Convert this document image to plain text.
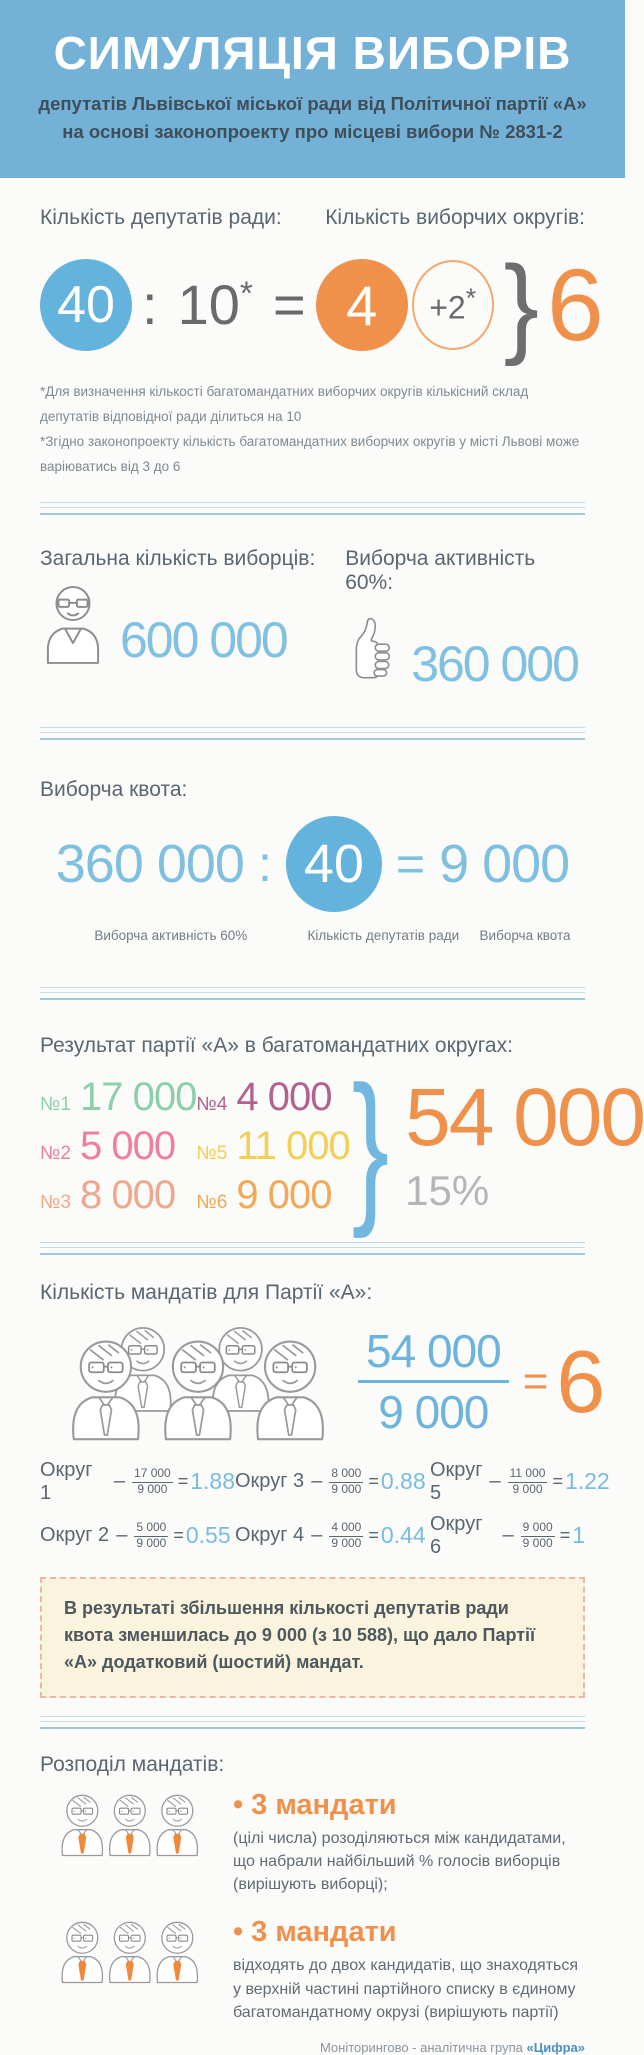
СИМУЛЯЦІЯ ВИБОРІВ
депутатів Львівської міської ради від Політичної партії «А»
на основі законопроекту про місцеві вибори № 2831-2
Кількість депутатів ради: Кількість виборчих округів:
40 : 10* = 4 +2* } 6
*Для визначення кількості багатомандатних виборчих округів кількісний склад депутатів відповідної ради ділиться на 10
*Згідно законопроекту кількість багатомандатних виборчих округів у місті Львові може варіюватись від 3 до 6
Загальна кількість виборців:
600 000
Виборча активність 60%:
360 000
Виборча квота:
360 000 : 40 = 9 000
Виборча активність 60%	Кількість депутатів ради	Виборча квота
Результат партії «А» в багатомандатних округах:
№1 17 000
№2 5 000
№3 8 000
№4 4 000
№5 11 000
№6 9 000 } 54 000
15%
Кількість мандатів для Партії «А»:
$\frac{54 000}{9 000} = 6$
Округ 1
– $\frac{17 000}{9 000} = 1.88$ Округ $3 - \frac{8 000}{9 000} = 0.88$ Округ 5
– $\frac{11 000}{9 000} = 1.22$
Округ $2 - \frac{5 000}{9 000} = 0.55$ Округ $4 - \frac{4 000}{9 000} = 0.44$ Округ 6
– $\frac{9 000}{9 000} = 1$
В результаті збільшення кількості депутатів ради квота зменшилась до 9 000 (з 10 588), що дало Партії «А» додатковий (шостий) мандат.
Розподіл мандатів:
• 3 мандати
(цілі числа) розоділяються між кандидатами, що набрали найбільший % голосів виборців (вирішують виборці);
• 3 мандати
відходять до двох кандидатів, що знаходяться у верхній частині партійного списку в єдиному багатомандатному окрузі (вирішують партії)
Моніторингово - аналітична група «Цифра»
